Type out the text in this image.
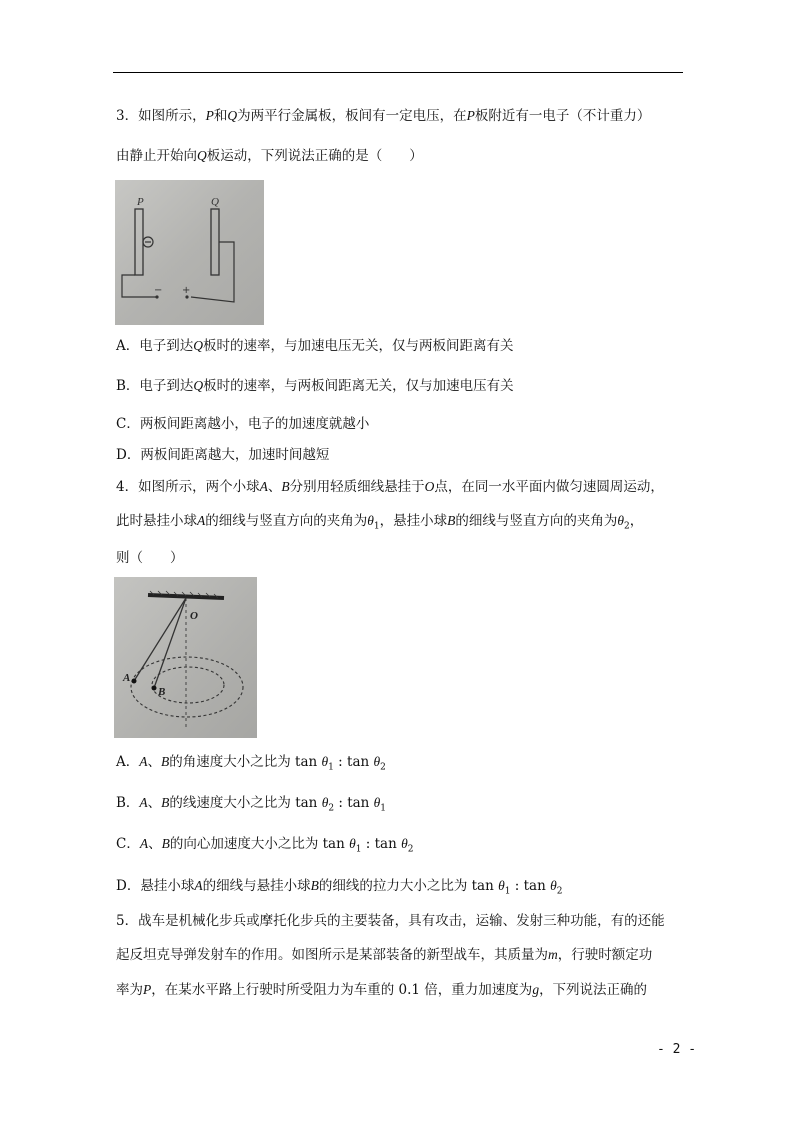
3．如图所示，P和Q为两平行金属板，板间有一定电压，在P板附近有一电子（不计重力）
由静止开始向Q板运动，下列说法正确的是（　　）
P
−
Q
+
A．电子到达Q板时的速率，与加速电压无关，仅与两板间距离有关
B．电子到达Q板时的速率，与两板间距离无关，仅与加速电压有关
C．两板间距离越小，电子的加速度就越小
D．两板间距离越大，加速时间越短
4．如图所示，两个小球A、B分别用轻质细线悬挂于O点，在同一水平面内做匀速圆周运动，
此时悬挂小球A的细线与竖直方向的夹角为$\theta_1$，悬挂小球B的细线与竖直方向的夹角为$\theta_2$，
则（　　）
O
A
B
A．A、B的角速度大小之比为 $\tan \theta_1$ : $\tan \theta_2$
B．A、B的线速度大小之比为 $\tan \theta_2$ : $\tan \theta_1$
C．A、B的向心加速度大小之比为 $\tan \theta_1$ : $\tan \theta_2$
D．悬挂小球A的细线与悬挂小球B的细线的拉力大小之比为 $\tan \theta_1$ : $\tan \theta_2$
5．战车是机械化步兵或摩托化步兵的主要装备，具有攻击，运输、发射三种功能，有的还能
起反坦克导弹发射车的作用。如图所示是某部装备的新型战车，其质量为m，行驶时额定功
率为P，在某水平路上行驶时所受阻力为车重的 0.1 倍，重力加速度为g，下列说法正确的
- 2 -
